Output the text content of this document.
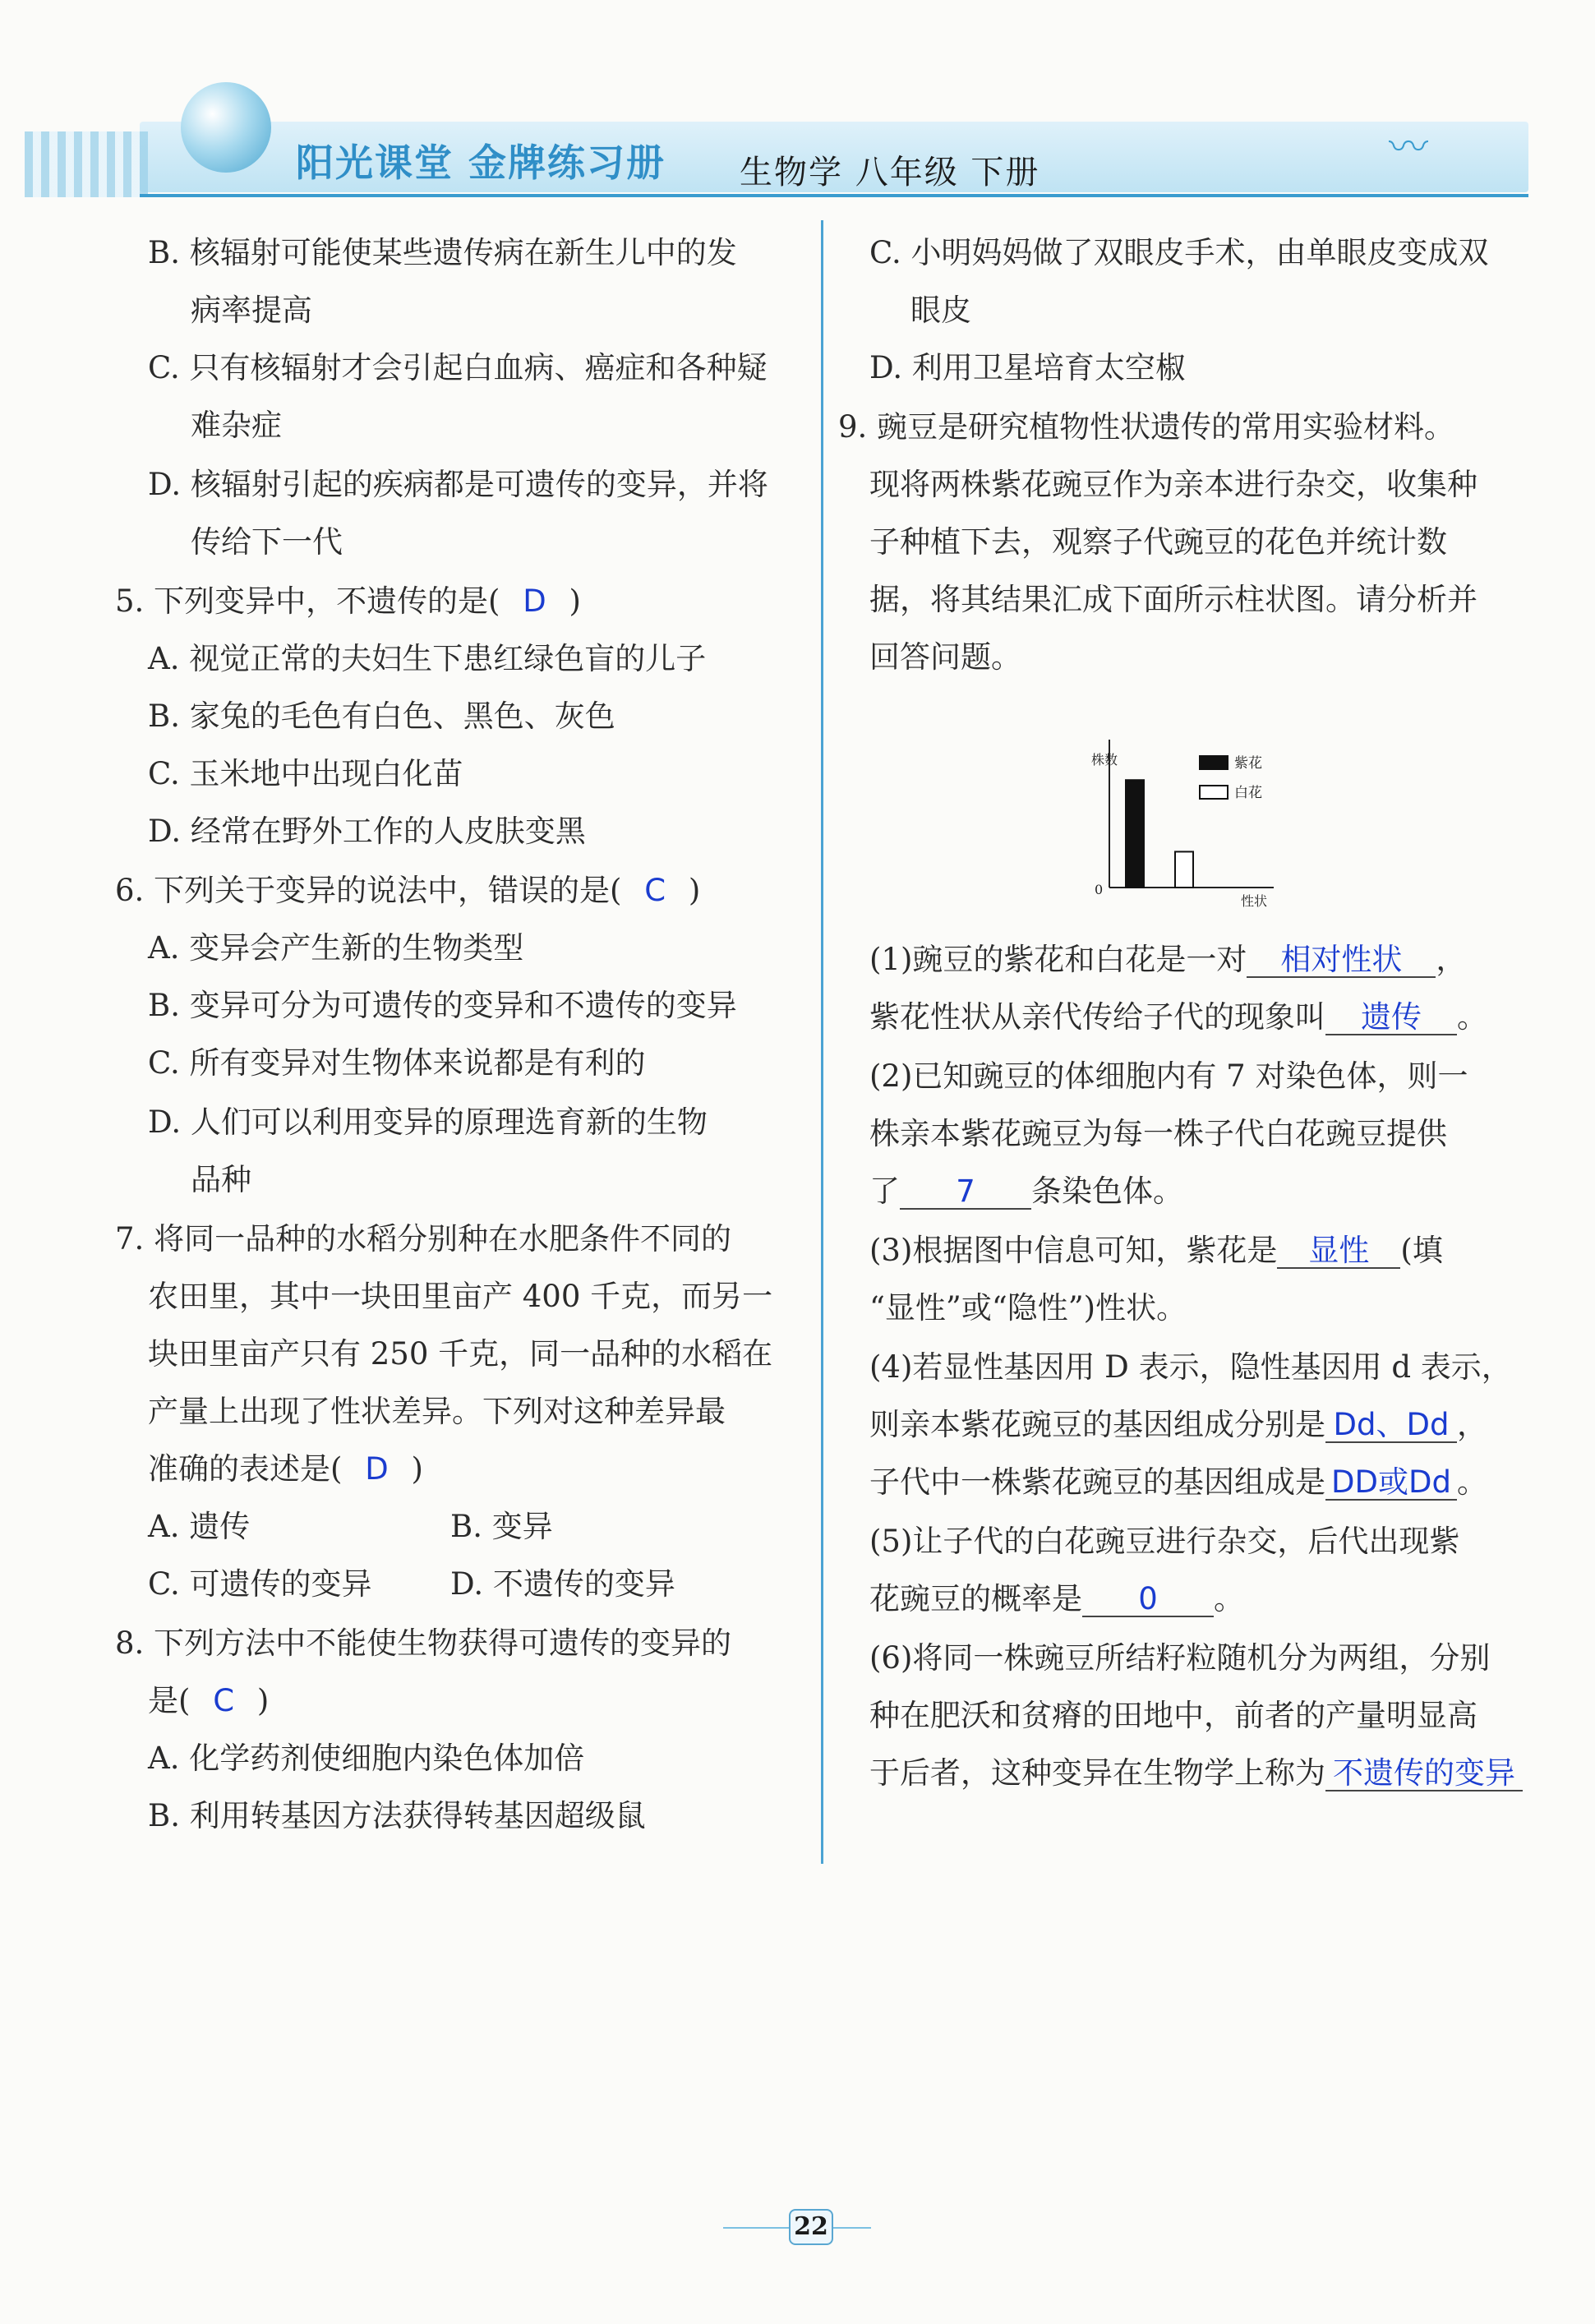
阳光课堂 金牌练习册 生物学 八年级 下册
〰︎
B. 核辐射可能使某些遗传病在新生儿中的发
病率提高
C. 只有核辐射才会引起白血病、癌症和各种疑
难杂症
D. 核辐射引起的疾病都是可遗传的变异，并将
传给下一代
5. 下列变异中，不遗传的是( D )
A. 视觉正常的夫妇生下患红绿色盲的儿子
B. 家兔的毛色有白色、黑色、灰色
C. 玉米地中出现白化苗
D. 经常在野外工作的人皮肤变黑
6. 下列关于变异的说法中，错误的是( C )
A. 变异会产生新的生物类型
B. 变异可分为可遗传的变异和不遗传的变异
C. 所有变异对生物体来说都是有利的
D. 人们可以利用变异的原理选育新的生物
品种
7. 将同一品种的水稻分别种在水肥条件不同的
农田里，其中一块田里亩产 400 千克，而另一
块田里亩产只有 250 千克，同一品种的水稻在
产量上出现了性状差异。下列对这种差异最
准确的表述是( D )
A. 遗传	B. 变异
C. 可遗传的变异	D. 不遗传的变异
8. 下列方法中不能使生物获得可遗传的变异的
是( C )
A. 化学药剂使细胞内染色体加倍
B. 利用转基因方法获得转基因超级鼠
C. 小明妈妈做了双眼皮手术，由单眼皮变成双
眼皮
D. 利用卫星培育太空椒
9. 豌豆是研究植物性状遗传的常用实验材料。
现将两株紫花豌豆作为亲本进行杂交，收集种
子种植下去，观察子代豌豆的花色并统计数
据，将其结果汇成下面所示柱状图。请分析并
回答问题。
株数
性状
0
紫花
白花
(1)豌豆的紫花和白花是一对 相对性状 ，
紫花性状从亲代传给子代的现象叫 遗传 。
(2)已知豌豆的体细胞内有 7 对染色体，则一
株亲本紫花豌豆为每一株子代白花豌豆提供
了 7 条染色体。
(3)根据图中信息可知，紫花是 显性 (填
“显性”或“隐性”)性状。
(4)若显性基因用 D 表示，隐性基因用 d 表示，
则亲本紫花豌豆的基因组成分别是 Dd、Dd ，
子代中一株紫花豌豆的基因组成是 DD或Dd 。
(5)让子代的白花豌豆进行杂交，后代出现紫
花豌豆的概率是 0 。
(6)将同一株豌豆所结籽粒随机分为两组，分别
种在肥沃和贫瘠的田地中，前者的产量明显高
于后者，这种变异在生物学上称为 不遗传的变异
22
